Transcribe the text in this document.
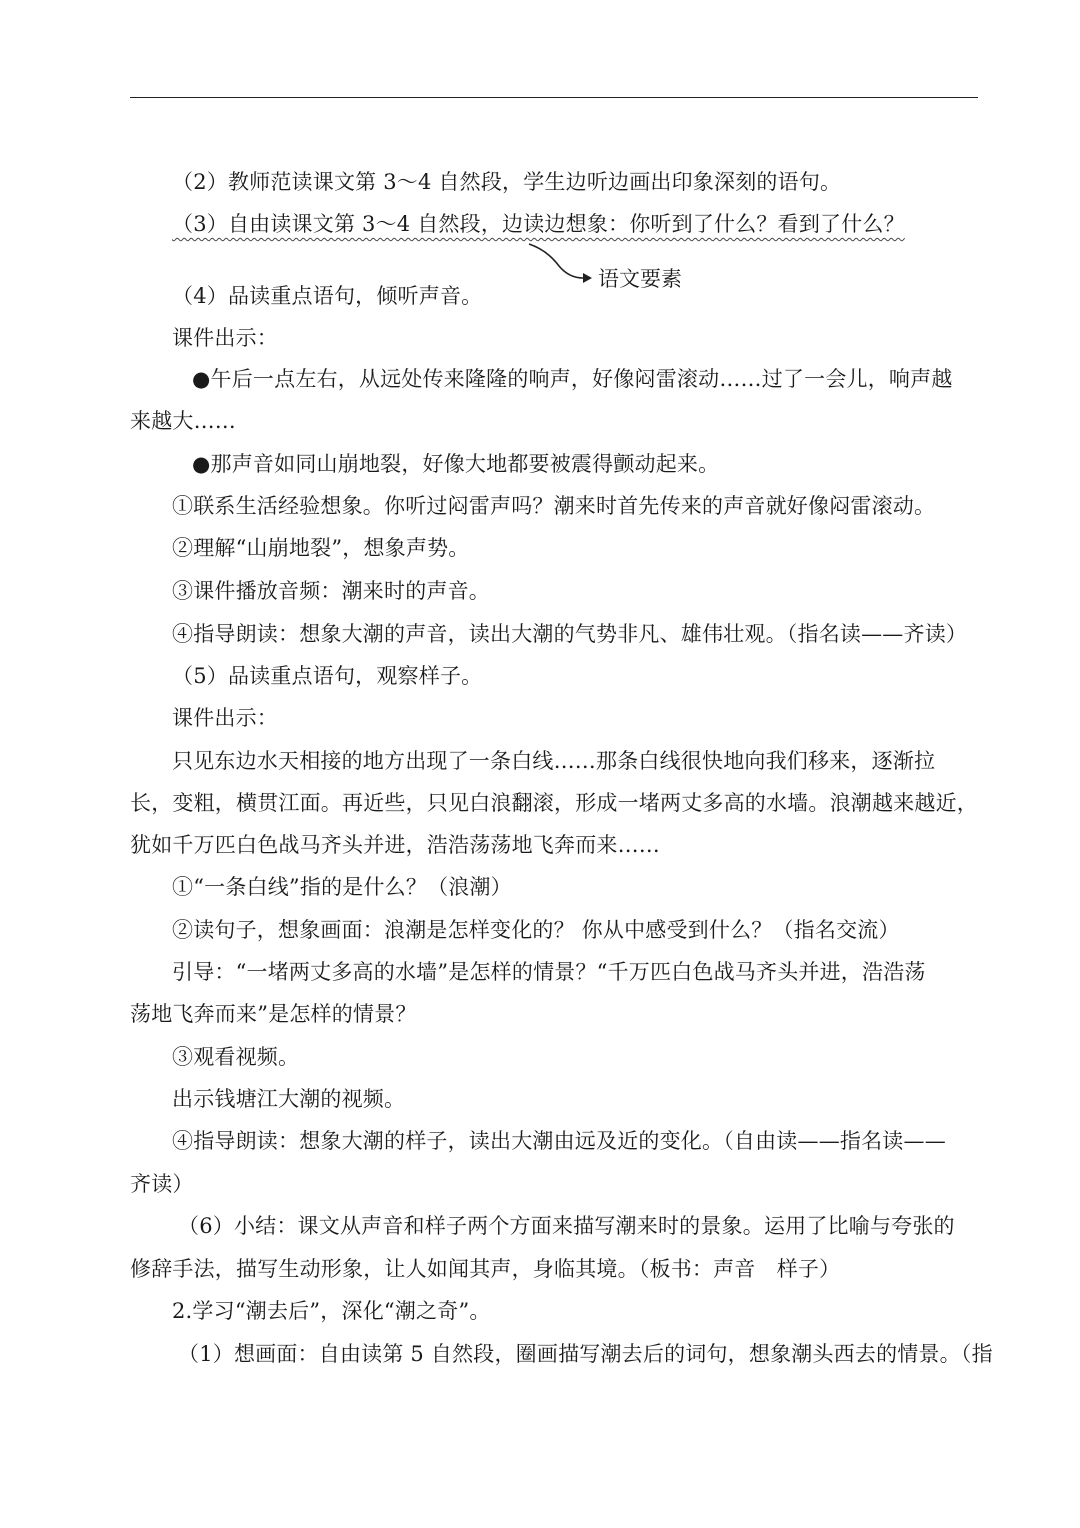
（2）教师范读课文第 3～4 自然段，学生边听边画出印象深刻的语句。
（3）自由读课文第 3～4 自然段，边读边想象：你听到了什么？看到了什么？
（4）品读重点语句，倾听声音。
课件出示：
●午后一点左右，从远处传来隆隆的响声，好像闷雷滚动……过了一会儿，响声越
来越大……
●那声音如同山崩地裂，好像大地都要被震得颤动起来。
①联系生活经验想象。你听过闷雷声吗？潮来时首先传来的声音就好像闷雷滚动。
②理解“山崩地裂”，想象声势。
③课件播放音频：潮来时的声音。
④指导朗读：想象大潮的声音，读出大潮的气势非凡、雄伟壮观。（指名读——齐读）
（5）品读重点语句，观察样子。
课件出示：
只见东边水天相接的地方出现了一条白线……那条白线很快地向我们移来，逐渐拉
长，变粗，横贯江面。再近些，只见白浪翻滚，形成一堵两丈多高的水墙。浪潮越来越近，
犹如千万匹白色战马齐头并进，浩浩荡荡地飞奔而来……
①“一条白线”指的是什么？（浪潮）
②读句子，想象画面：浪潮是怎样变化的？ 你从中感受到什么？（指名交流）
引导：“一堵两丈多高的水墙”是怎样的情景？“千万匹白色战马齐头并进，浩浩荡
荡地飞奔而来”是怎样的情景？
③观看视频。
出示钱塘江大潮的视频。
④指导朗读：想象大潮的样子，读出大潮由远及近的变化。（自由读——指名读——
齐读）
（6）小结：课文从声音和样子两个方面来描写潮来时的景象。运用了比喻与夸张的
修辞手法，描写生动形象，让人如闻其声，身临其境。（板书：声音　样子）
2.学习“潮去后”，深化“潮之奇”。
（1）想画面：自由读第 5 自然段，圈画描写潮去后的词句，想象潮头西去的情景。（指
语文要素
